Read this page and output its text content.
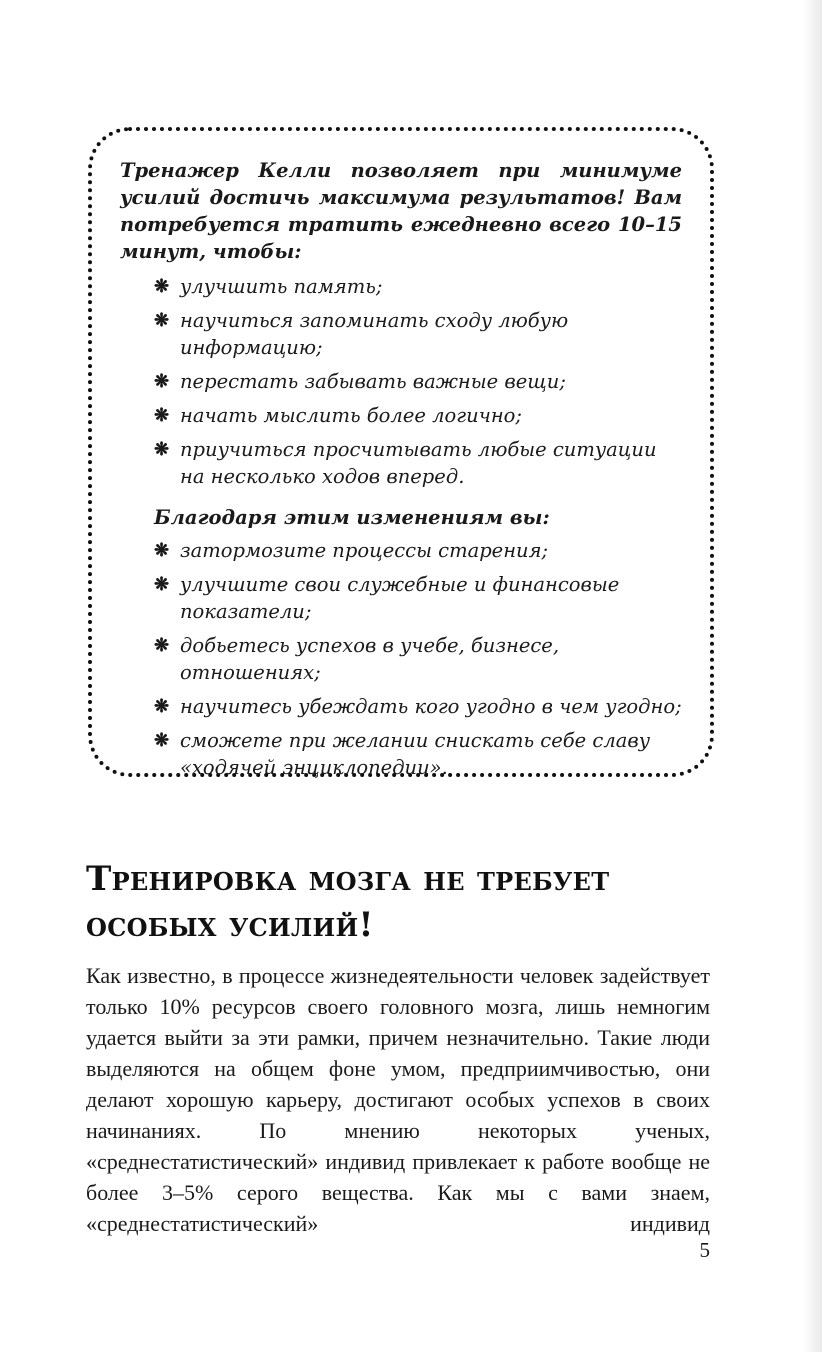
Тренажер Келли позволяет при минимуме усилий достичь максимума результатов! Вам потребуется тратить ежедневно всего 10–15 минут, чтобы:

❋ улучшить память;
❋ научиться запоминать сходу любую информацию;
❋ перестать забывать важные вещи;
❋ начать мыслить более логично;
❋ приучиться просчитывать любые ситуации на несколько ходов вперед.

Благодаря этим изменениям вы:

❋ затормозите процессы старения;
❋ улучшите свои служебные и финансовые показатели;
❋ добьетесь успехов в учебе, бизнесе, отношениях;
❋ научитесь убеждать кого угодно в чем угодно;
❋ сможете при желании снискать себе славу «ходячей энциклопедии».
Тренировка мозга не требует особых усилий!

Как известно, в процессе жизнедеятельности человек задействует только 10% ресурсов своего головного мозга, лишь немногим удается выйти за эти рамки, причем незначительно. Такие люди выделяются на общем фоне умом, предприимчивостью, они делают хорошую карьеру, достигают особых успехов в своих начинаниях. По мнению некоторых ученых, «среднестатистический» индивид привлекает к работе вообще не более 3–5% серого вещества. Как мы с вами знаем, «среднестатистический» индивид

5
